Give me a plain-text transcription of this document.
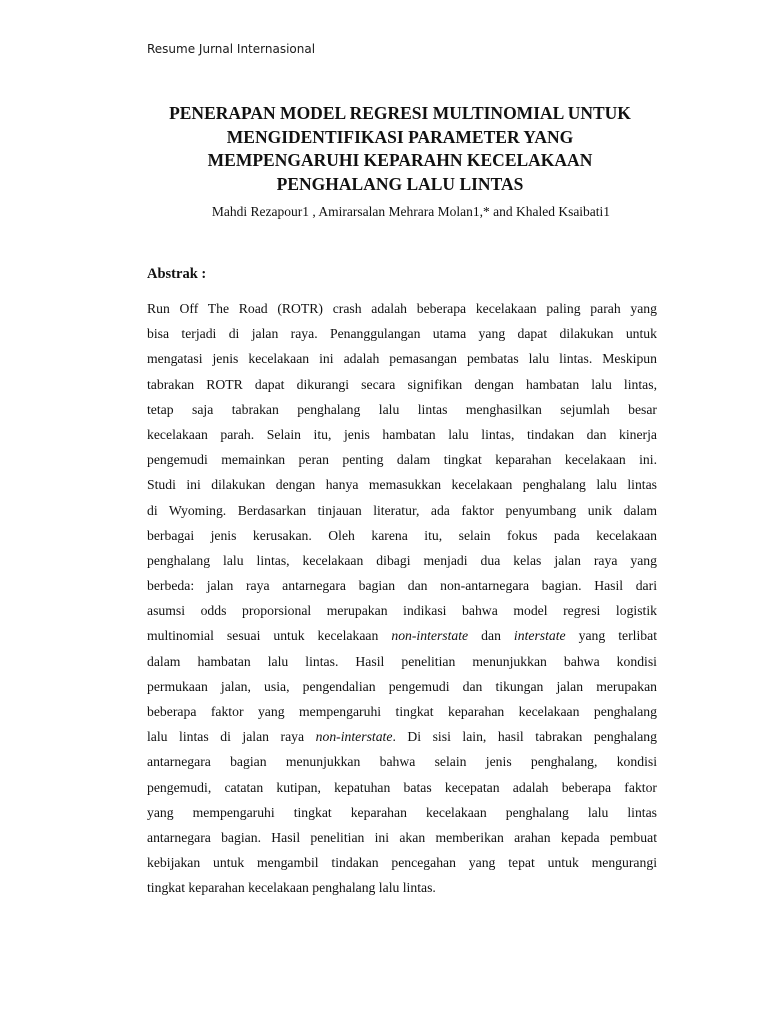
Resume Jurnal Internasional
PENERAPAN MODEL REGRESI MULTINOMIAL UNTUK
MENGIDENTIFIKASI PARAMETER YANG
MEMPENGARUHI KEPARAHN KECELAKAAN
PENGHALANG LALU LINTAS
Mahdi Rezapour1 , Amirarsalan Mehrara Molan1,* and Khaled Ksaibati1
Abstrak :
Run Off The Road (ROTR) crash adalah beberapa kecelakaan paling parah yang
bisa terjadi di jalan raya. Penanggulangan utama yang dapat dilakukan untuk
mengatasi jenis kecelakaan ini adalah pemasangan pembatas lalu lintas. Meskipun
tabrakan ROTR dapat dikurangi secara signifikan dengan hambatan lalu lintas,
tetap saja tabrakan penghalang lalu lintas menghasilkan sejumlah besar
kecelakaan parah. Selain itu, jenis hambatan lalu lintas, tindakan dan kinerja
pengemudi memainkan peran penting dalam tingkat keparahan kecelakaan ini.
Studi ini dilakukan dengan hanya memasukkan kecelakaan penghalang lalu lintas
di Wyoming. Berdasarkan tinjauan literatur, ada faktor penyumbang unik dalam
berbagai jenis kerusakan. Oleh karena itu, selain fokus pada kecelakaan
penghalang lalu lintas, kecelakaan dibagi menjadi dua kelas jalan raya yang
berbeda: jalan raya antarnegara bagian dan non-antarnegara bagian. Hasil dari
asumsi odds proporsional merupakan indikasi bahwa model regresi logistik
multinomial sesuai untuk kecelakaan non-interstate dan interstate yang terlibat
dalam hambatan lalu lintas. Hasil penelitian menunjukkan bahwa kondisi
permukaan jalan, usia, pengendalian pengemudi dan tikungan jalan merupakan
beberapa faktor yang mempengaruhi tingkat keparahan kecelakaan penghalang
lalu lintas di jalan raya non-interstate. Di sisi lain, hasil tabrakan penghalang
antarnegara bagian menunjukkan bahwa selain jenis penghalang, kondisi
pengemudi, catatan kutipan, kepatuhan batas kecepatan adalah beberapa faktor
yang mempengaruhi tingkat keparahan kecelakaan penghalang lalu lintas
antarnegara bagian. Hasil penelitian ini akan memberikan arahan kepada pembuat
kebijakan untuk mengambil tindakan pencegahan yang tepat untuk mengurangi
tingkat keparahan kecelakaan penghalang lalu lintas.
